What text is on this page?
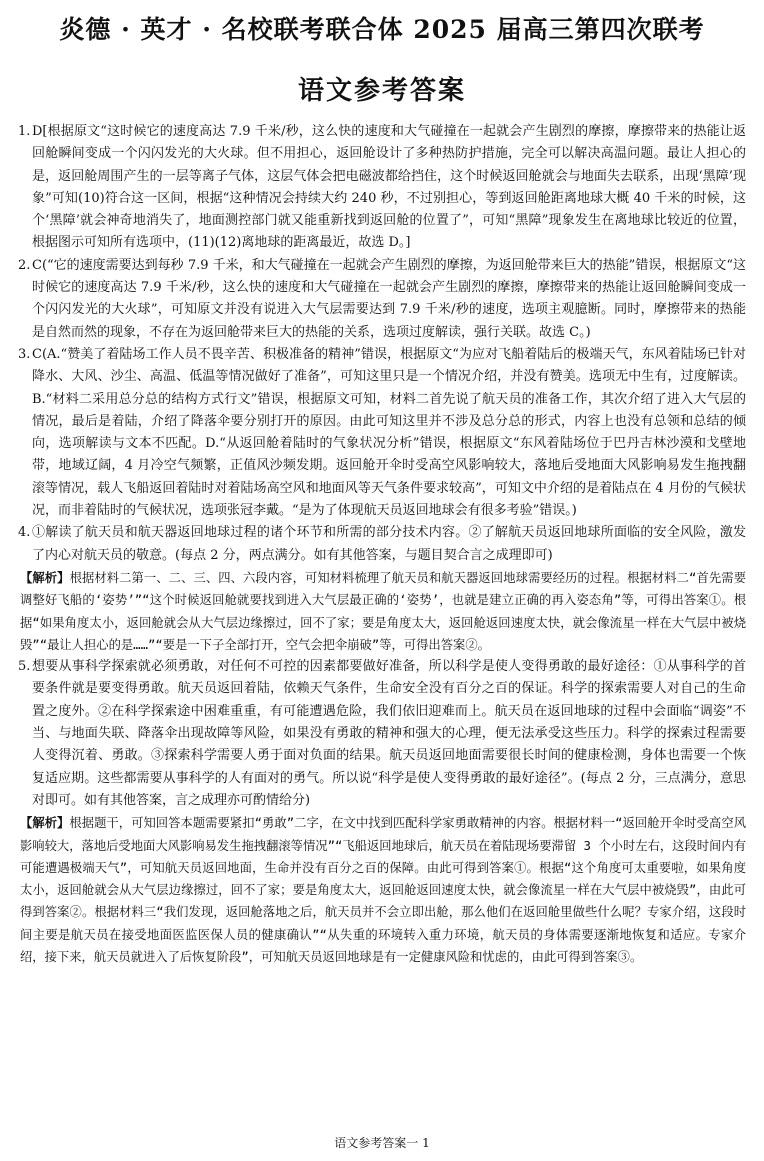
炎德 · 英才 · 名校联考联合体 2025 届高三第四次联考
语文参考答案
1. D[根据原文“这时候它的速度高达 7.9 千米/秒，这么快的速度和大气碰撞在一起就会产生剧烈的摩擦，摩擦带来的热能让返回舱瞬间变成一个闪闪发光的大火球。但不用担心，返回舱设计了多种热防护措施，完全可以解决高温问题。最让人担心的是，返回舱周围产生的一层等离子气体，这层气体会把电磁波都给挡住，这个时候返回舱就会与地面失去联系，出现‘黑障’现象”可知(10)符合这一区间，根据“这种情况会持续大约 240 秒，不过别担心，等到返回舱距离地球大概 40 千米的时候，这个‘黑障’就会神奇地消失了，地面测控部门就又能重新找到返回舱的位置了”，可知“黑障”现象发生在离地球比较近的位置，根据图示可知所有选项中，(11)(12)离地球的距离最近，故选 D。]

2. C(“它的速度需要达到每秒 7.9 千米，和大气碰撞在一起就会产生剧烈的摩擦，为返回舱带来巨大的热能”错误，根据原文“这时候它的速度高达 7.9 千米/秒，这么快的速度和大气碰撞在一起就会产生剧烈的摩擦，摩擦带来的热能让返回舱瞬间变成一个闪闪发光的大火球”，可知原文并没有说进入大气层需要达到 7.9 千米/秒的速度，选项主观臆断。同时，摩擦带来的热能是自然而然的现象，不存在为返回舱带来巨大的热能的关系，选项过度解读，强行关联。故选 C。)

3. C(A.“赞美了着陆场工作人员不畏辛苦、积极准备的精神”错误，根据原文“为应对飞船着陆后的极端天气，东风着陆场已针对降水、大风、沙尘、高温、低温等情况做好了准备”，可知这里只是一个情况介绍，并没有赞美。选项无中生有，过度解读。B.“材料二采用总分总的结构方式行文”错误，根据原文可知，材料二首先说了航天员的准备工作，其次介绍了进入大气层的情况，最后是着陆，介绍了降落伞要分别打开的原因。由此可知这里并不涉及总分总的形式，内容上也没有总领和总结的倾向，选项解读与文本不匹配。D.“从返回舱着陆时的气象状况分析”错误，根据原文“东风着陆场位于巴丹吉林沙漠和戈壁地带，地域辽阔，4 月冷空气频繁，正值风沙频发期。返回舱开伞时受高空风影响较大，落地后受地面大风影响易发生拖拽翻滚等情况，载人飞船返回着陆时对着陆场高空风和地面风等天气条件要求较高”，可知文中介绍的是着陆点在 4 月份的气候状况，而非着陆时的气候状况，选项张冠李戴。“是为了体现航天员返回地球会有很多考验”错误。)

4. ①解读了航天员和航天器返回地球过程的诸个环节和所需的部分技术内容。②了解航天员返回地球所面临的安全风险，激发了内心对航天员的敬意。(每点 2 分，两点满分。如有其他答案，与题目契合言之成理即可)

【解析】根据材料二第一、二、三、四、六段内容，可知材料梳理了航天员和航天器返回地球需要经历的过程。根据材料二“首先需要调整好飞船的‘姿势’”“这个时候返回舱就要找到进入大气层最正确的‘姿势’，也就是建立正确的再入姿态角”等，可得出答案①。根据“如果角度太小，返回舱就会从大气层边缘擦过，回不了家；要是角度太大，返回舱返回速度太快，就会像流星一样在大气层中被烧毁”“最让人担心的是……”“要是一下子全部打开，空气会把伞崩破”等，可得出答案②。

5. 想要从事科学探索就必须勇敢，对任何不可控的因素都要做好准备，所以科学是使人变得勇敢的最好途径：①从事科学的首要条件就是要变得勇敢。航天员返回着陆，依赖天气条件，生命安全没有百分之百的保证。科学的探索需要人对自己的生命置之度外。②在科学探索途中困难重重，有可能遭遇危险，我们依旧迎难而上。航天员在返回地球的过程中会面临“调姿”不当、与地面失联、降落伞出现故障等风险，如果没有勇敢的精神和强大的心理，便无法承受这些压力。科学的探索过程需要人变得沉着、勇敢。③探索科学需要人勇于面对负面的结果。航天员返回地面需要很长时间的健康检测，身体也需要一个恢复适应期。这些都需要从事科学的人有面对的勇气。所以说“科学是使人变得勇敢的最好途径”。(每点 2 分，三点满分，意思对即可。如有其他答案，言之成理亦可酌情给分)

【解析】根据题干，可知回答本题需要紧扣“勇敢”二字，在文中找到匹配科学家勇敢精神的内容。根据材料一“返回舱开伞时受高空风影响较大，落地后受地面大风影响易发生拖拽翻滚等情况”“飞船返回地球后，航天员在着陆现场要滞留 3 个小时左右，这段时间内有可能遭遇极端天气”，可知航天员返回地面，生命并没有百分之百的保障。由此可得到答案①。根据“这个角度可太重要啦，如果角度太小，返回舱就会从大气层边缘擦过，回不了家；要是角度太大，返回舱返回速度太快，就会像流星一样在大气层中被烧毁”，由此可得到答案②。根据材料三“我们发现，返回舱落地之后，航天员并不会立即出舱，那么他们在返回舱里做些什么呢？专家介绍，这段时间主要是航天员在接受地面医监医保人员的健康确认”“从失重的环境转入重力环境，航天员的身体需要逐渐地恢复和适应。专家介绍，接下来，航天员就进入了后恢复阶段”，可知航天员返回地球是有一定健康风险和忧虑的，由此可得到答案③。

语文参考答案一 1
